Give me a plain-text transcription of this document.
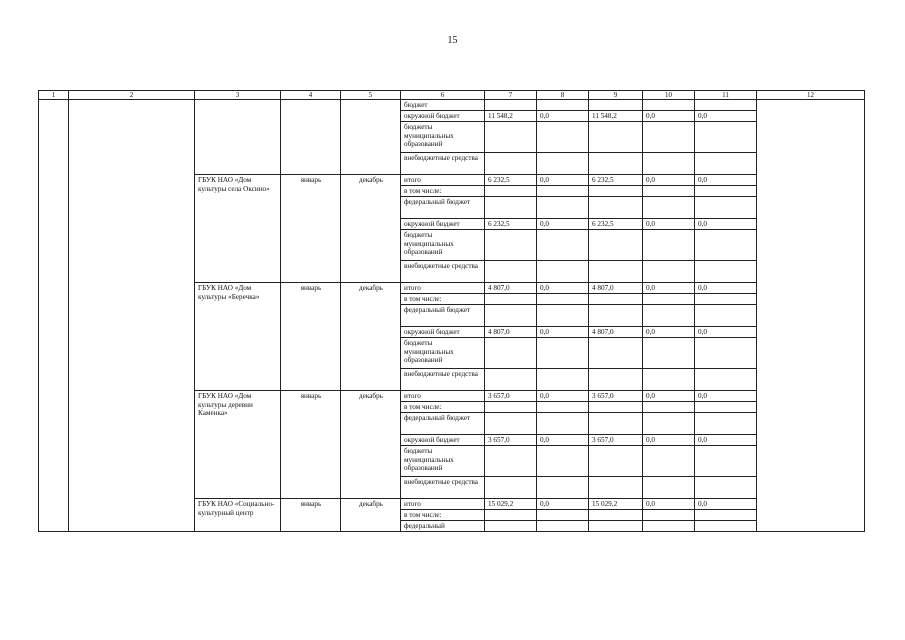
15
1	2	3	4	5	6	7	8	9	10	11	12
					бюджет						
					окружной бюджет	11 548,2	0,0	11 548,2	0,0	0,0	
					бюджеты муниципальных образований						
					внебюджетные средства						
		ГБУК НАО «Дом культуры села Оксино»	январь	декабрь	итого	6 232,5	0,0	6 232,5	0,0	0,0	
					в том числе:						
					федеральный бюджет						
					окружной бюджет	6 232,5	0,0	6 232,5	0,0	0,0	
					бюджеты муниципальных образований						
					внебюджетные средства						
		ГБУК НАО «Дом культуры «Беречка»	январь	декабрь	итого	4 807,0	0,0	4 807,0	0,0	0,0	
					в том числе:						
					федеральный бюджет						
					окружной бюджет	4 807,0	0,0	4 807,0	0,0	0,0	
					бюджеты муниципальных образований						
					внебюджетные средства						
		ГБУК НАО «Дом культуры деревни Каменка»	январь	декабрь	итого	3 657,0	0,0	3 657,0	0,0	0,0	
					в том числе:						
					федеральный бюджет						
					окружной бюджет	3 657,0	0,0	3 657,0	0,0	0,0	
					бюджеты муниципальных образований						
					внебюджетные средства						
		ГБУК НАО «Социально-культурный центр	январь	декабрь	итого	15 029,2	0,0	15 029,2	0,0	0,0	
					в том числе:						
					федеральный						
